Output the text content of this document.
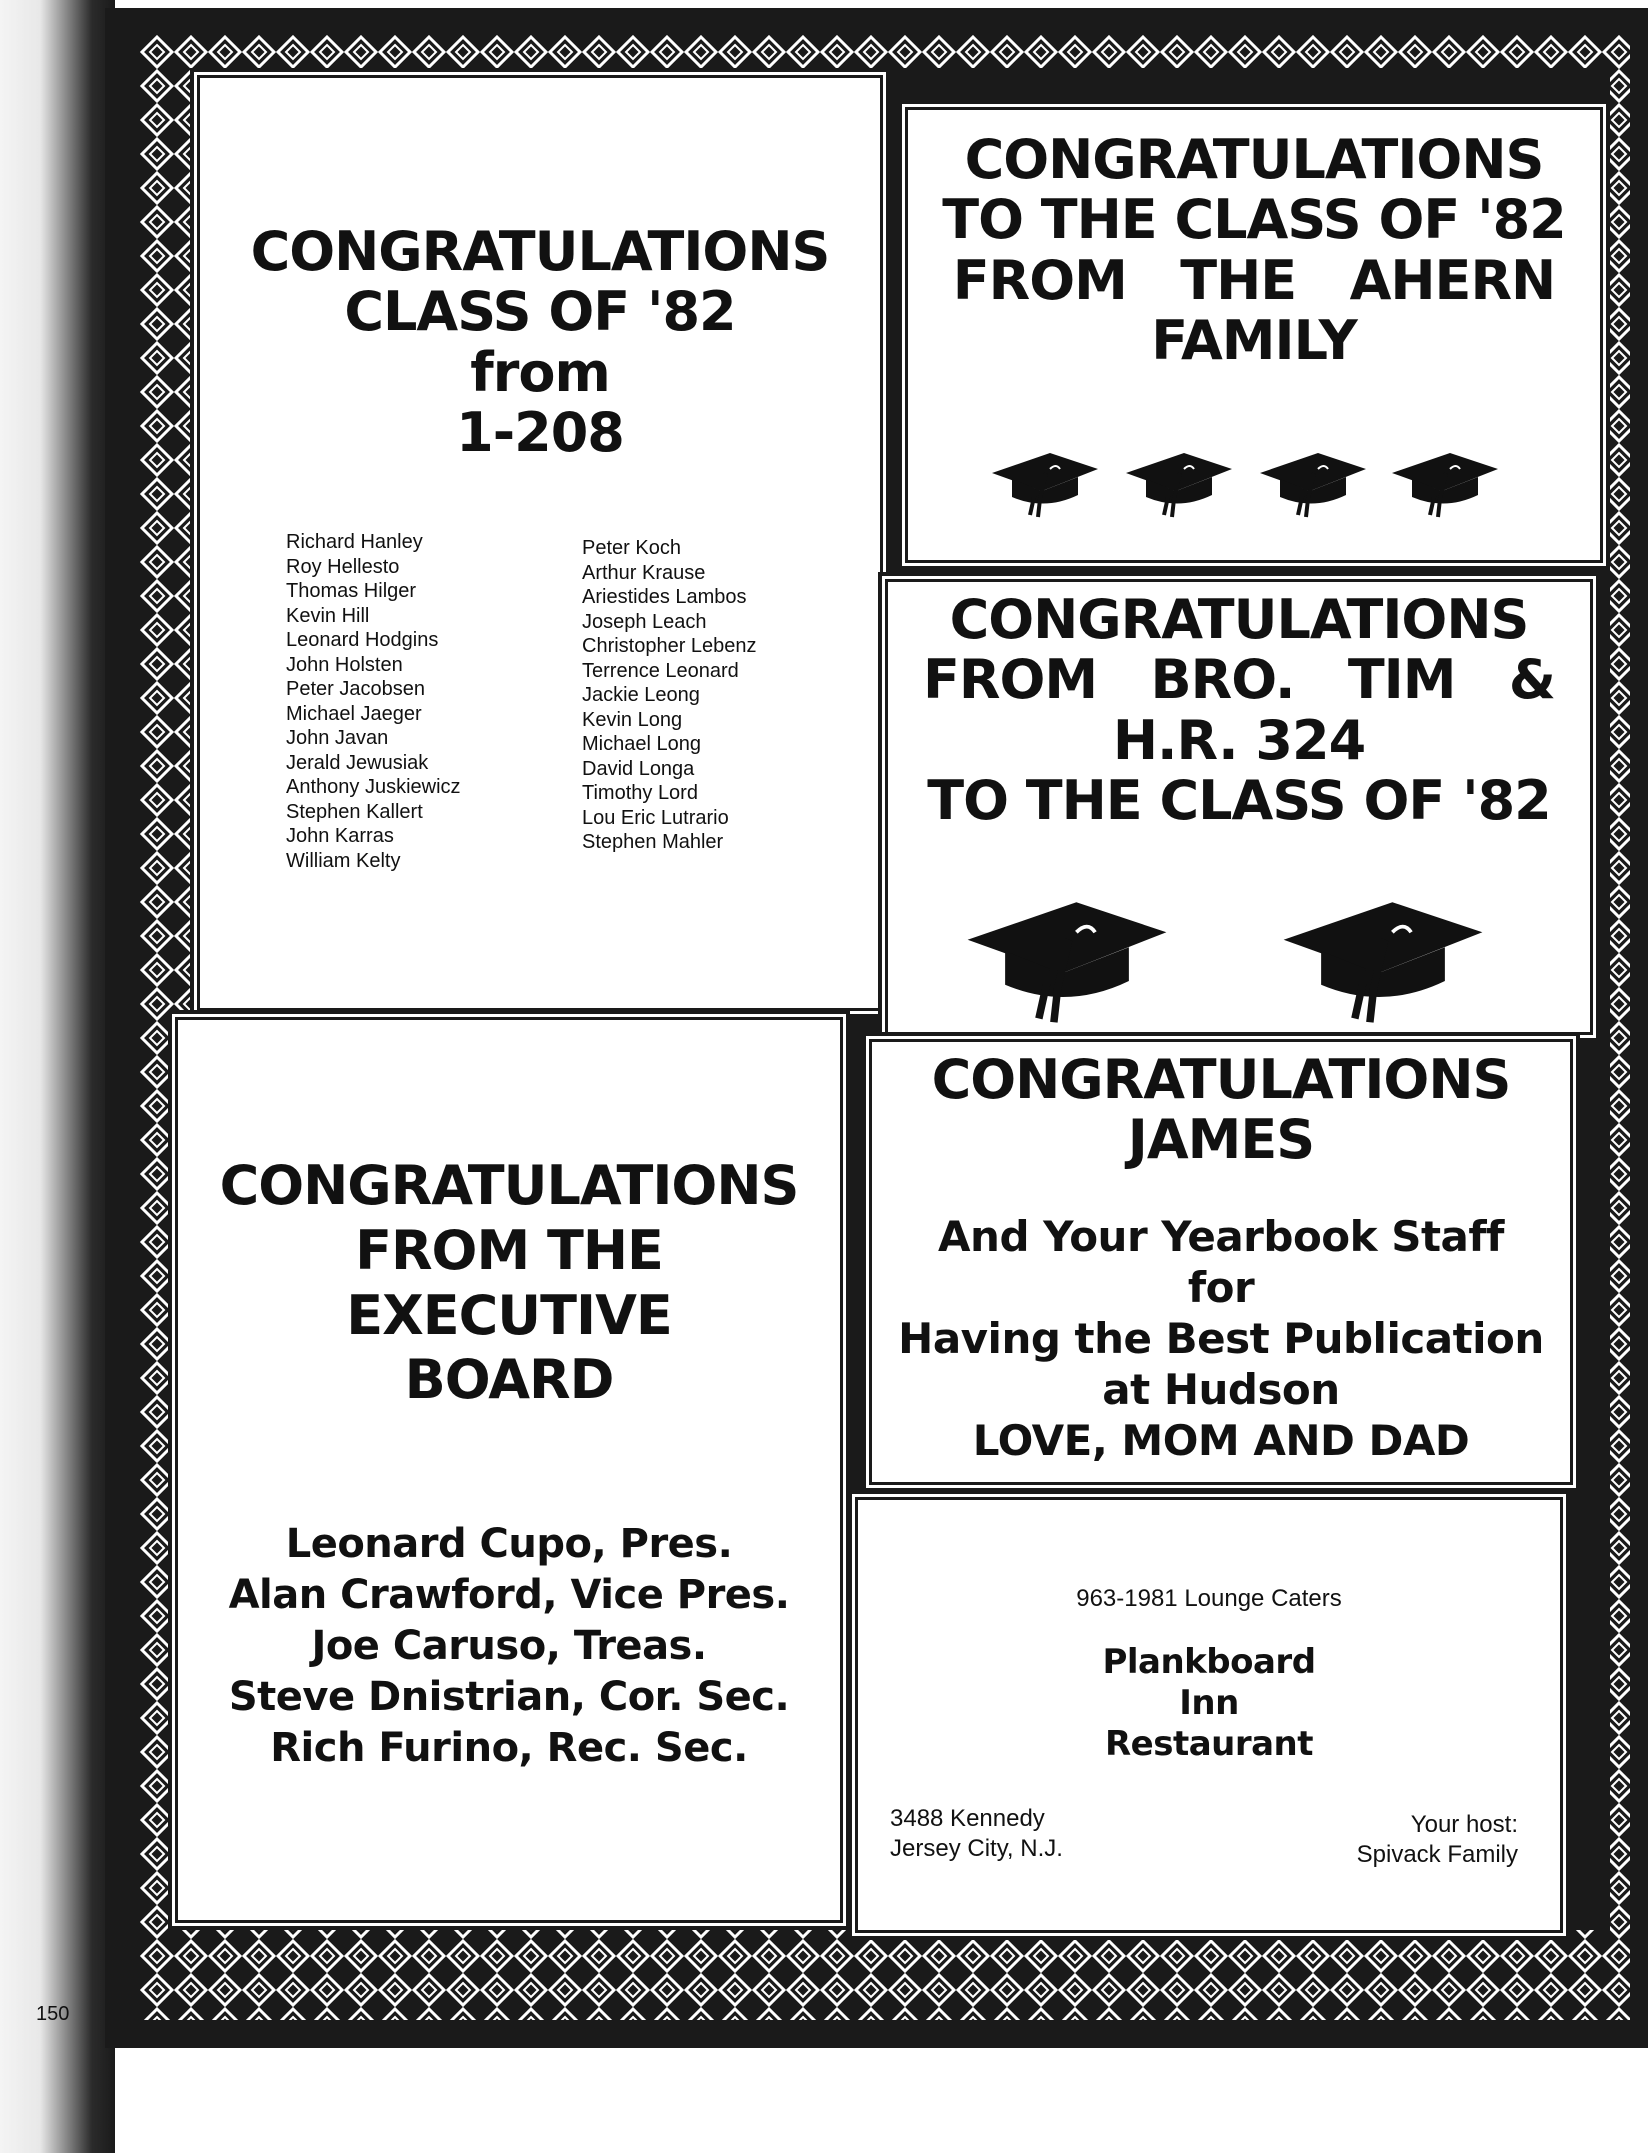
CONGRATULATIONS
CLASS OF '82
from
1-208
Richard Hanley
Roy Hellesto
Thomas Hilger
Kevin Hill
Leonard Hodgins
John Holsten
Peter Jacobsen
Michael Jaeger
John Javan
Jerald Jewusiak
Anthony Juskiewicz
Stephen Kallert
John Karras
William Kelty
Peter Koch
Arthur Krause
Ariestides Lambos
Joseph Leach
Christopher Lebenz
Terrence Leonard
Jackie Leong
Kevin Long
Michael Long
David Longa
Timothy Lord
Lou Eric Lutrario
Stephen Mahler
CONGRATULATIONS
TO THE CLASS OF '82
FROM   THE   AHERN
FAMILY
CONGRATULATIONS
FROM   BRO.   TIM   &
H.R. 324
TO THE CLASS OF '82
CONGRATULATIONS
FROM THE
EXECUTIVE
BOARD
Leonard Cupo, Pres.
Alan Crawford, Vice Pres.
Joe Caruso, Treas.
Steve Dnistrian, Cor. Sec.
Rich Furino, Rec. Sec.
CONGRATULATIONS
JAMES
And Your Yearbook Staff
for
Having the Best Publication
at Hudson
LOVE, MOM AND DAD
963-1981 Lounge Caters
Plankboard
Inn
Restaurant
3488 Kennedy
Jersey City, N.J.
Your host:
Spivack Family
150
